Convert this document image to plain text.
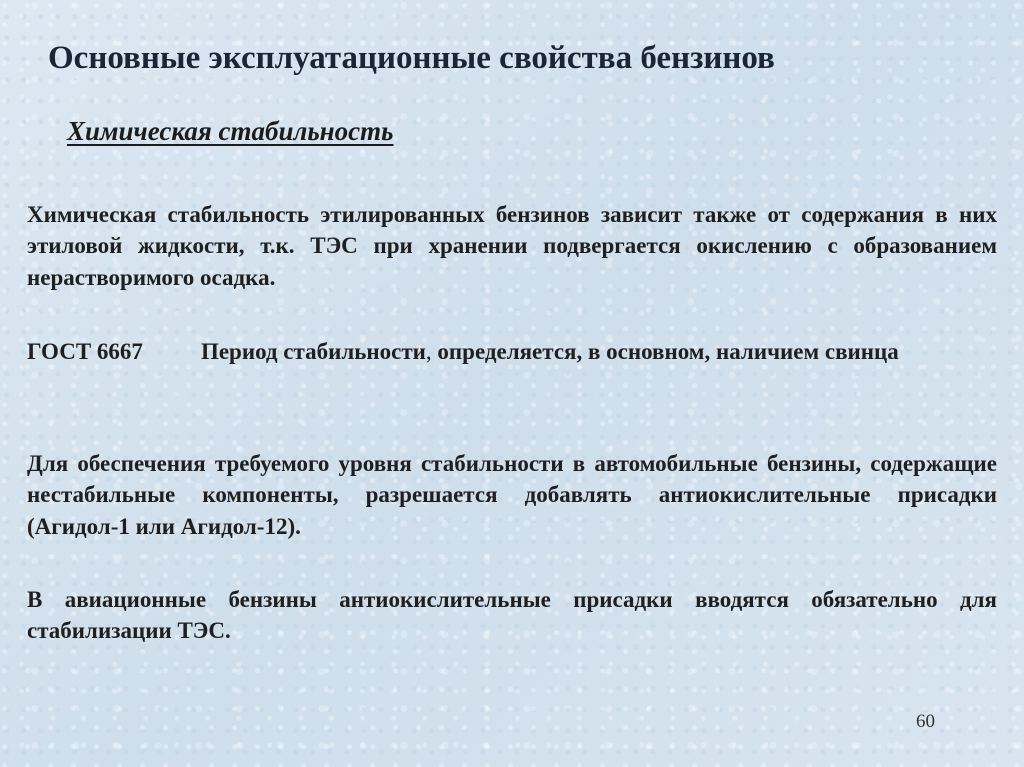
Основные эксплуатационные свойства бензинов
Химическая стабильность
Химическая стабильность этилированных бензинов зависит также от содержания в них этиловой жидкости, т.к. ТЭС при хранении подвергается окислению с образованием нерастворимого осадка.
ГОСТ 6667	Период стабильности, определяется, в основном, наличием свинца
Для обеспечения требуемого уровня стабильности в автомобильные бензины, содержащие нестабильные компоненты, разрешается добавлять антиокислительные присадки (Агидол-1 или Агидол-12).
В авиационные бензины антиокислительные присадки вводятся обязательно для стабилизации ТЭС.
60
